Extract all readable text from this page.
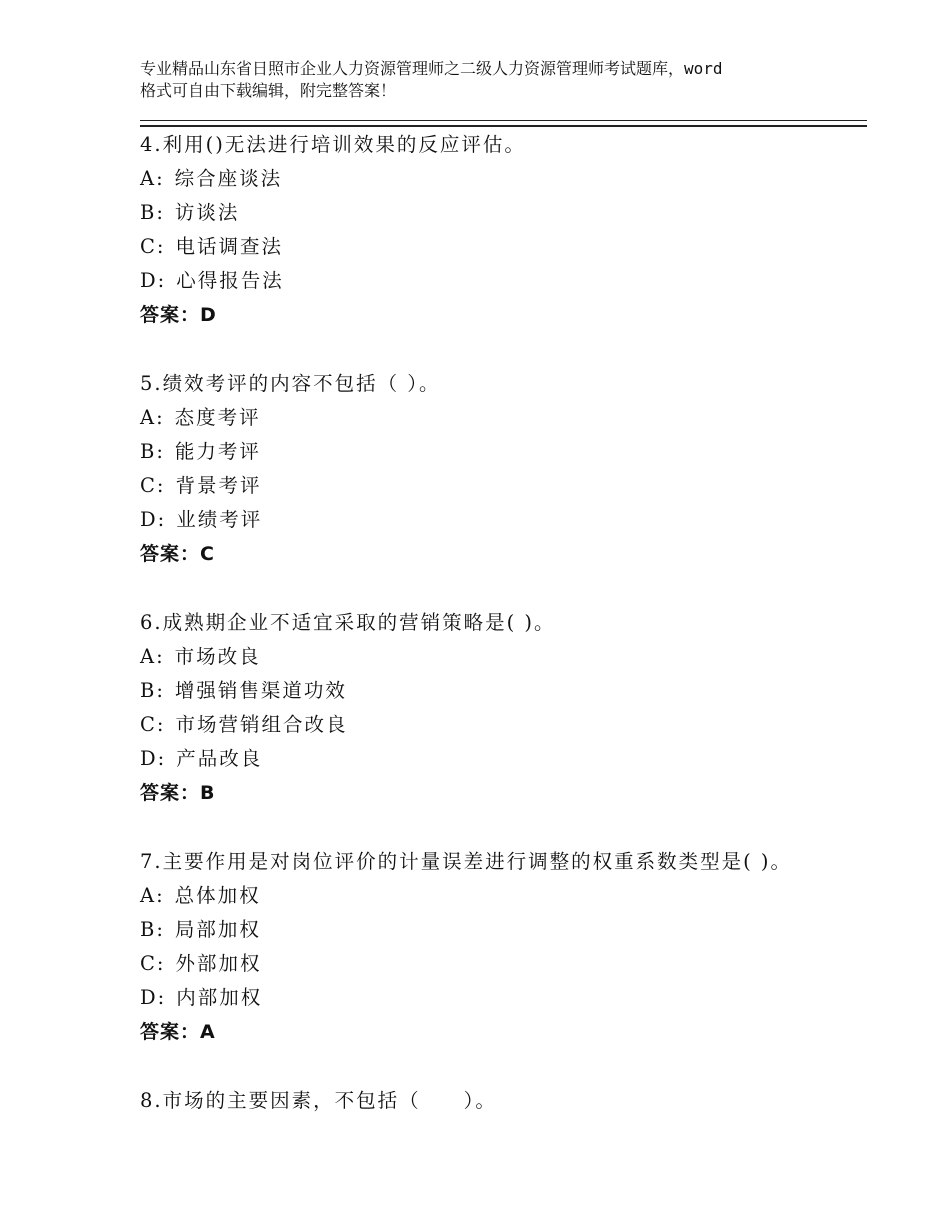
专业精品山东省日照市企业人力资源管理师之二级人力资源管理师考试题库，word
格式可自由下载编辑，附完整答案！
4.利用()无法进行培训效果的反应评估。
A: 综合座谈法
B: 访谈法
C: 电话调查法
D: 心得报告法
答案：D
5.绩效考评的内容不包括（ ）。
A: 态度考评
B: 能力考评
C: 背景考评
D: 业绩考评
答案：C
6.成熟期企业不适宜采取的营销策略是( )。
A: 市场改良
B: 增强销售渠道功效
C: 市场营销组合改良
D: 产品改良
答案：B
7.主要作用是对岗位评价的计量误差进行调整的权重系数类型是( )。
A: 总体加权
B: 局部加权
C: 外部加权
D: 内部加权
答案：A
8.市场的主要因素，不包括（　　）。
